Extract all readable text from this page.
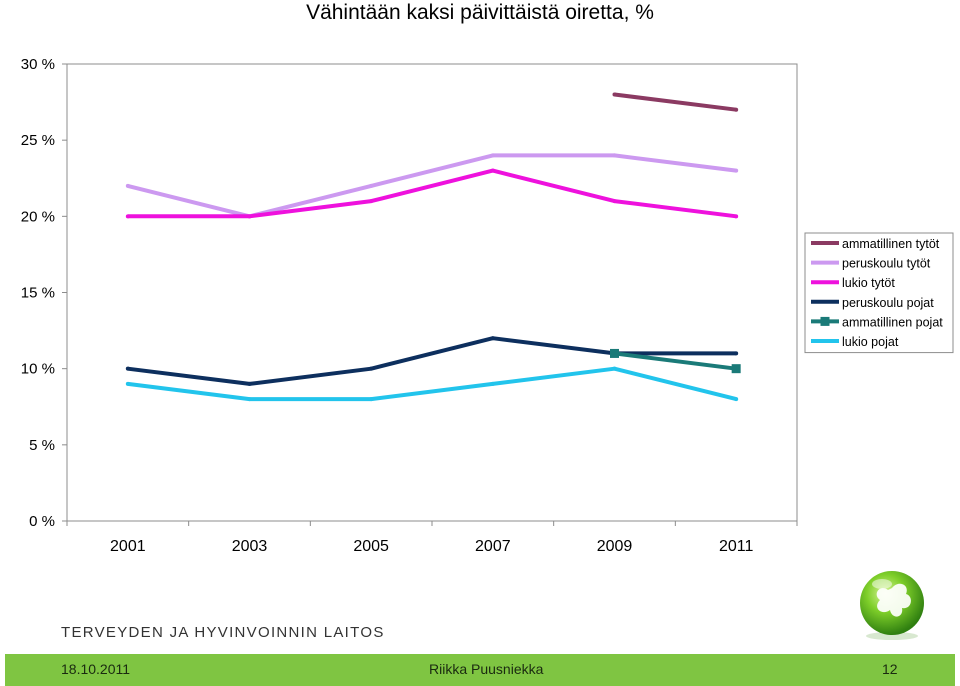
Vähintään kaksi päivittäistä oiretta, %
0 %
5 %
10 %
15 %
20 %
25 %
30 %
2001	2003	2005	2007	2009	2011
ammatillinen tytöt
peruskoulu tytöt
lukio tytöt
peruskoulu pojat
ammatillinen pojat
lukio pojat
TERVEYDEN JA HYVINVOINNIN LAITOS
18.10.2011	Riikka Puusniekka	12
